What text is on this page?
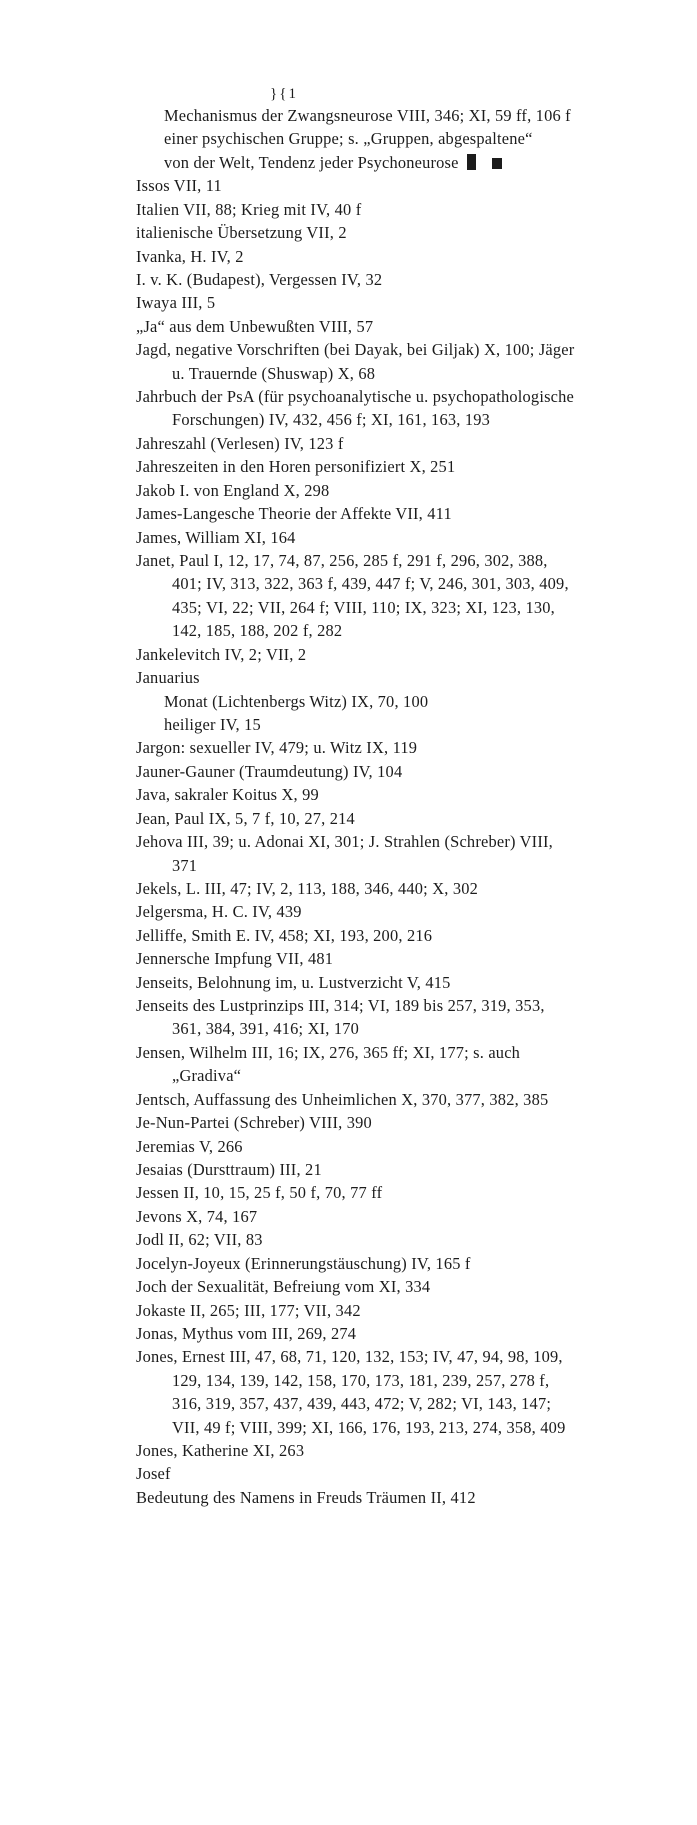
}{1

Mechanismus der Zwangsneurose VIII, 346; XI, 59 ff, 106 f

einer psychischen Gruppe; s. „Gruppen, abgespaltene“

von der Welt, Tendenz jeder Psychoneurose

Issos VII, 11

Italien VII, 88; Krieg mit IV, 40 f

italienische Übersetzung VII, 2

Ivanka, H. IV, 2

I. v. K. (Budapest), Vergessen IV, 32

Iwaya III, 5

„Ja“ aus dem Unbewußten VIII, 57

Jagd, negative Vorschriften (bei Dayak, bei Giljak) X, 100; Jäger u. Trauernde (Shuswap) X, 68

Jahrbuch der PsA (für psychoanalytische u. psychopathologische Forschungen) IV, 432, 456 f; XI, 161, 163, 193

Jahreszahl (Verlesen) IV, 123 f

Jahreszeiten in den Horen personifiziert X, 251

Jakob I. von England X, 298

James-Langesche Theorie der Affekte VII, 411

James, William XI, 164

Janet, Paul I, 12, 17, 74, 87, 256, 285 f, 291 f, 296, 302, 388, 401; IV, 313, 322, 363 f, 439, 447 f; V, 246, 301, 303, 409, 435; VI, 22; VII, 264 f; VIII, 110; IX, 323; XI, 123, 130, 142, 185, 188, 202 f, 282

Jankelevitch IV, 2; VII, 2

Januarius

Monat (Lichtenbergs Witz) IX, 70, 100

heiliger IV, 15

Jargon: sexueller IV, 479; u. Witz IX, 119

Jauner-Gauner (Traumdeutung) IV, 104

Java, sakraler Koitus X, 99

Jean, Paul IX, 5, 7 f, 10, 27, 214

Jehova III, 39; u. Adonai XI, 301; J. Strahlen (Schreber) VIII, 371

Jekels, L. III, 47; IV, 2, 113, 188, 346, 440; X, 302

Jelgersma, H. C. IV, 439

Jelliffe, Smith E. IV, 458; XI, 193, 200, 216

Jennersche Impfung VII, 481

Jenseits, Belohnung im, u. Lustverzicht V, 415

Jenseits des Lustprinzips III, 314; VI, 189 bis 257, 319, 353, 361, 384, 391, 416; XI, 170

Jensen, Wilhelm III, 16; IX, 276, 365 ff; XI, 177; s. auch „Gradiva“

Jentsch, Auffassung des Unheimlichen X, 370, 377, 382, 385

Je-Nun-Partei (Schreber) VIII, 390

Jeremias V, 266

Jesaias (Dursttraum) III, 21

Jessen II, 10, 15, 25 f, 50 f, 70, 77 ff

Jevons X, 74, 167

Jodl II, 62; VII, 83

Jocelyn-Joyeux (Erinnerungstäuschung) IV, 165 f

Joch der Sexualität, Befreiung vom XI, 334

Jokaste II, 265; III, 177; VII, 342

Jonas, Mythus vom III, 269, 274

Jones, Ernest III, 47, 68, 71, 120, 132, 153; IV, 47, 94, 98, 109, 129, 134, 139, 142, 158, 170, 173, 181, 239, 257, 278 f, 316, 319, 357, 437, 439, 443, 472; V, 282; VI, 143, 147; VII, 49 f; VIII, 399; XI, 166, 176, 193, 213, 274, 358, 409

Jones, Katherine XI, 263

Josef

Bedeutung des Namens in Freuds Träumen II, 412
